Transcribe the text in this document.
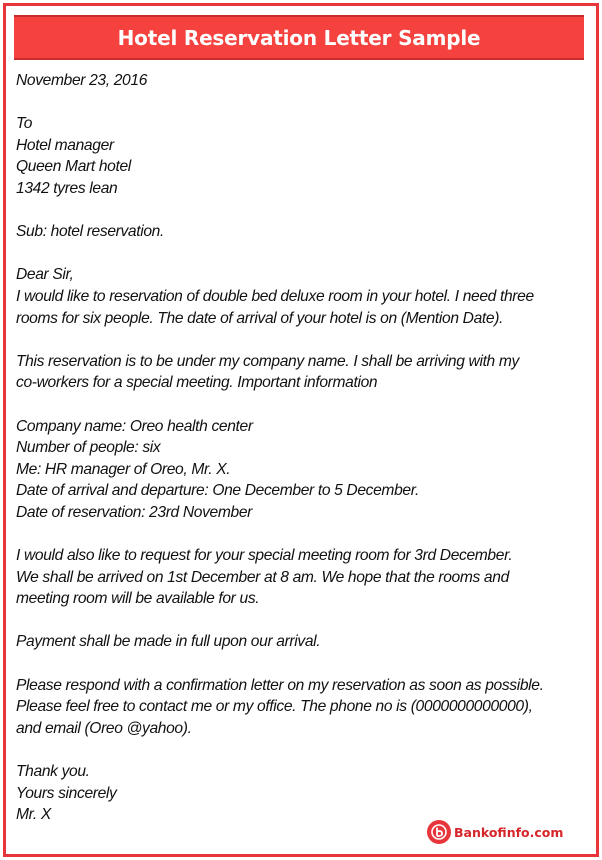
Hotel Reservation Letter Sample

November 23, 2016

To
Hotel manager
Queen Mart hotel
1342 tyres lean

Sub: hotel reservation.

Dear Sir,
I would like to reservation of double bed deluxe room in your hotel. I need three
rooms for six people. The date of arrival of your hotel is on (Mention Date).

This reservation is to be under my company name. I shall be arriving with my
co-workers for a special meeting. Important information

Company name: Oreo health center
Number of people: six
Me: HR manager of Oreo, Mr. X.
Date of arrival and departure: One December to 5 December.
Date of reservation: 23rd November

I would also like to request for your special meeting room for 3rd December.
We shall be arrived on 1st December at 8 am. We hope that the rooms and
meeting room will be available for us.

Payment shall be made in full upon our arrival.

Please respond with a confirmation letter on my reservation as soon as possible.
Please feel free to contact me or my office. The phone no is (0000000000000),
and email (Oreo @yahoo).

Thank you.
Yours sincerely
Mr. X

Bankofinfo.com
